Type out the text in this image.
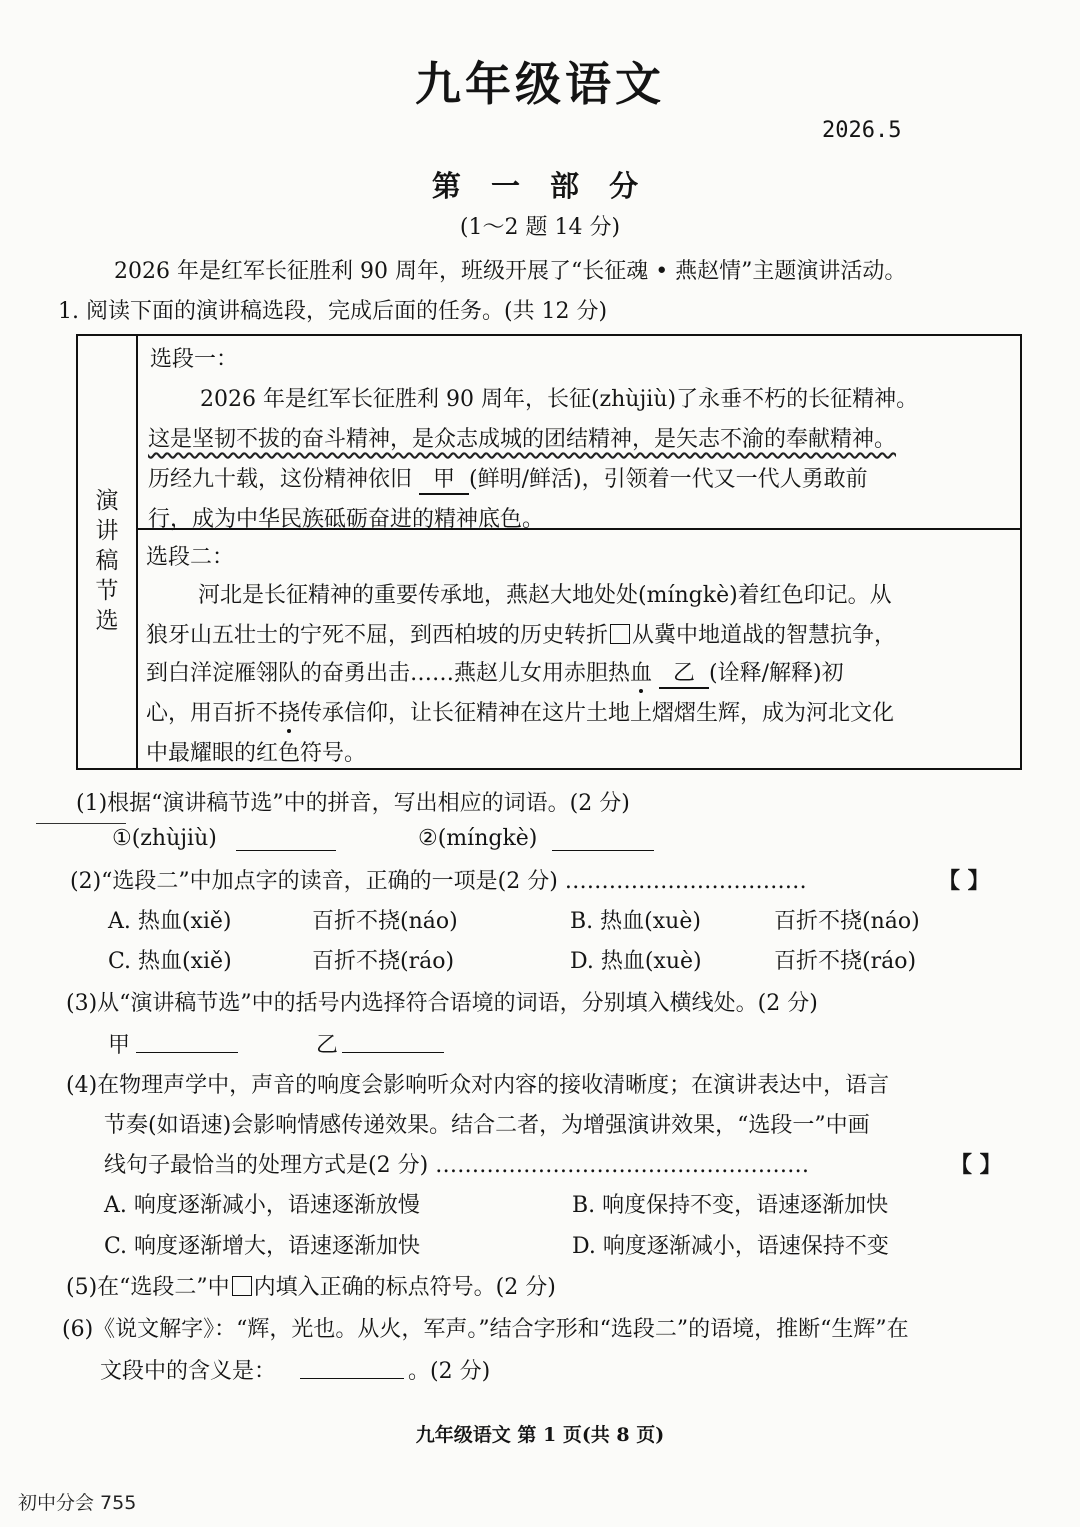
九年级语文
2026.5
第 一 部 分
(1～2 题 14 分)
2026 年是红军长征胜利 90 周年，班级开展了“长征魂 • 燕赵情”主题演讲活动。
1. 阅读下面的演讲稿选段，完成后面的任务。(共 12 分)
演讲稿节选
选段一：
2026 年是红军长征胜利 90 周年，长征(zhùjiù)了永垂不朽的长征精神。
这是坚韧不拔的奋斗精神，是众志成城的团结精神，是矢志不渝的奉献精神。
历经九十载，这份精神依旧 甲 (鲜明/鲜活)，引领着一代又一代人勇敢前
行，成为中华民族砥砺奋进的精神底色。
选段二：
河北是长征精神的重要传承地，燕赵大地处处(míngkè)着红色印记。从
狼牙山五壮士的宁死不屈，到西柏坡的历史转折 从冀中地道战的智慧抗争，
到白洋淀雁翎队的奋勇出击……燕赵儿女用赤胆热血 乙 (诠释/解释)初
心，用百折不挠传承信仰，让长征精神在这片土地上熠熠生辉，成为河北文化
中最耀眼的红色符号。
(1)根据“演讲稿节选”中的拼音，写出相应的词语。(2 分)
①(zhùjiù)	②(míngkè)
(2)“选段二”中加点字的读音，正确的一项是(2 分) ……………………………	【 】
A. 热血(xiě)	百折不挠(náo)	B. 热血(xuè)	百折不挠(náo)
C. 热血(xiě)	百折不挠(ráo)	D. 热血(xuè)	百折不挠(ráo)
(3)从“演讲稿节选”中的括号内选择符合语境的词语，分别填入横线处。(2 分)
甲	乙
(4)在物理声学中，声音的响度会影响听众对内容的接收清晰度；在演讲表达中，语言
节奏(如语速)会影响情感传递效果。结合二者，为增强演讲效果，“选段一”中画
线句子最恰当的处理方式是(2 分) ……………………………………………	【 】
A. 响度逐渐减小，语速逐渐放慢	B. 响度保持不变，语速逐渐加快
C. 响度逐渐增大，语速逐渐加快	D. 响度逐渐减小，语速保持不变
(5)在“选段二”中 内填入正确的标点符号。(2 分)
(6)《说文解字》：“辉，光也。从火，军声。”结合字形和“选段二”的语境，推断“生辉”在
文段中的含义是：	。(2 分)
九年级语文 第 1 页(共 8 页)
初中分会 755
